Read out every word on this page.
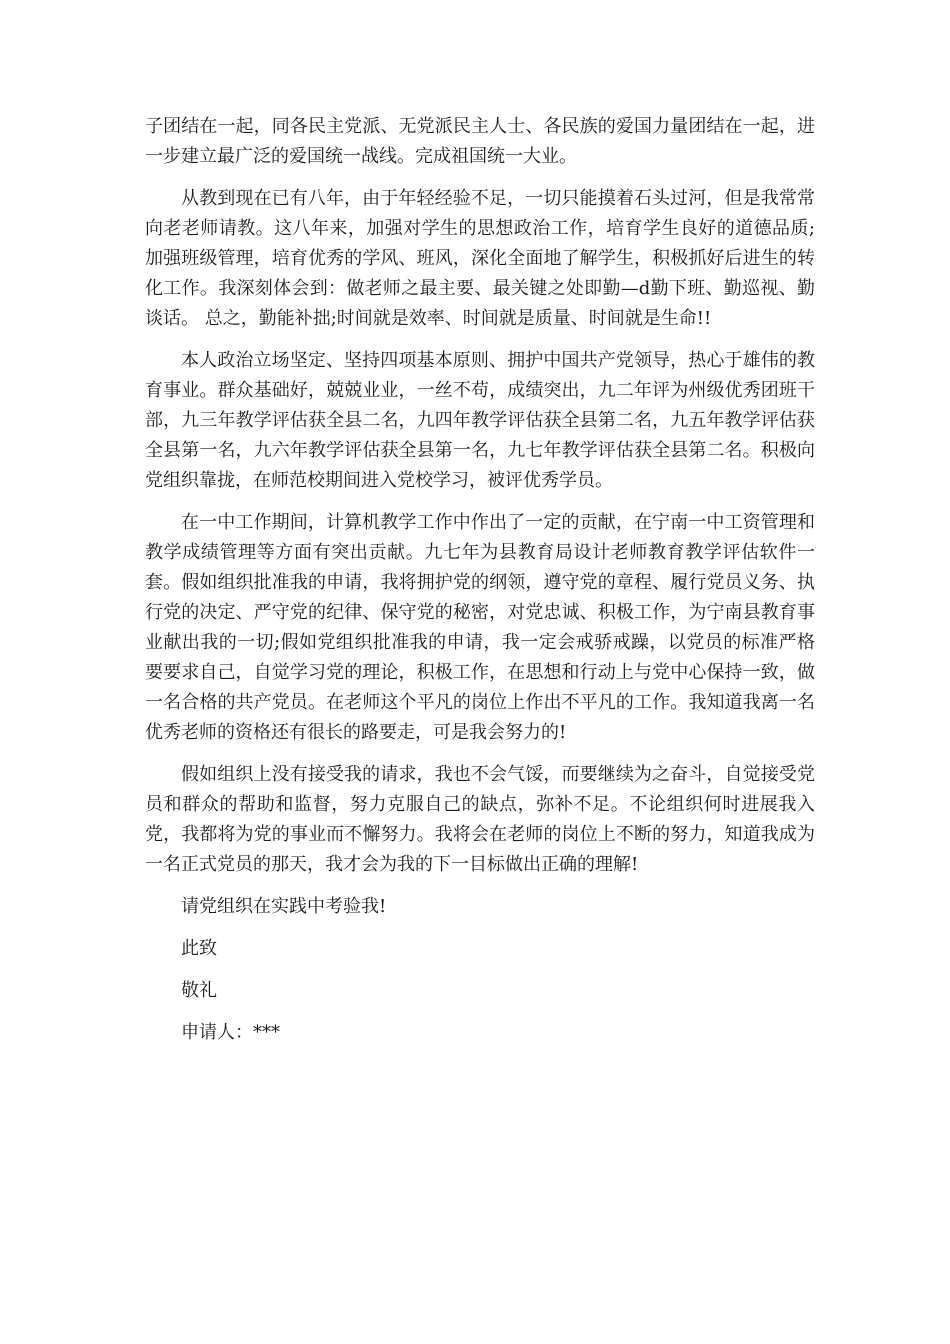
子团结在一起，同各民主党派、无党派民主人士、各民族的爱国力量团结在一起，进一步建立最广泛的爱国统一战线。完成祖国统一大业。

从教到现在已有八年，由于年轻经验不足，一切只能摸着石头过河，但是我常常向老老师请教。这八年来，加强对学生的思想政治工作，培育学生良好的道德品质;加强班级管理，培育优秀的学风、班风，深化全面地了解学生，积极抓好后进生的转化工作。我深刻体会到：做老师之最主要、最关键之处即勤—d勤下班、勤巡视、勤谈话。 总之，勤能补拙;时间就是效率、时间就是质量、时间就是生命!!

本人政治立场坚定、坚持四项基本原则、拥护中国共产党领导，热心于雄伟的教育事业。群众基础好，兢兢业业，一丝不苟，成绩突出，九二年评为州级优秀团班干部，九三年教学评估获全县二名，九四年教学评估获全县第二名，九五年教学评估获全县第一名，九六年教学评估获全县第一名，九七年教学评估获全县第二名。积极向党组织靠拢，在师范校期间进入党校学习，被评优秀学员。

在一中工作期间，计算机教学工作中作出了一定的贡献，在宁南一中工资管理和教学成绩管理等方面有突出贡献。九七年为县教育局设计老师教育教学评估软件一套。假如组织批准我的申请，我将拥护党的纲领，遵守党的章程、履行党员义务、执行党的决定、严守党的纪律、保守党的秘密，对党忠诚、积极工作，为宁南县教育事业献出我的一切;假如党组织批准我的申请，我一定会戒骄戒躁，以党员的标准严格要要求自己，自觉学习党的理论，积极工作，在思想和行动上与党中心保持一致，做一名合格的共产党员。在老师这个平凡的岗位上作出不平凡的工作。我知道我离一名优秀老师的资格还有很长的路要走，可是我会努力的!

假如组织上没有接受我的请求，我也不会气馁，而要继续为之奋斗，自觉接受党员和群众的帮助和监督，努力克服自己的缺点，弥补不足。不论组织何时进展我入党，我都将为党的事业而不懈努力。我将会在老师的岗位上不断的努力，知道我成为一名正式党员的那天，我才会为我的下一目标做出正确的理解!

请党组织在实践中考验我!

此致

敬礼

申请人：***
